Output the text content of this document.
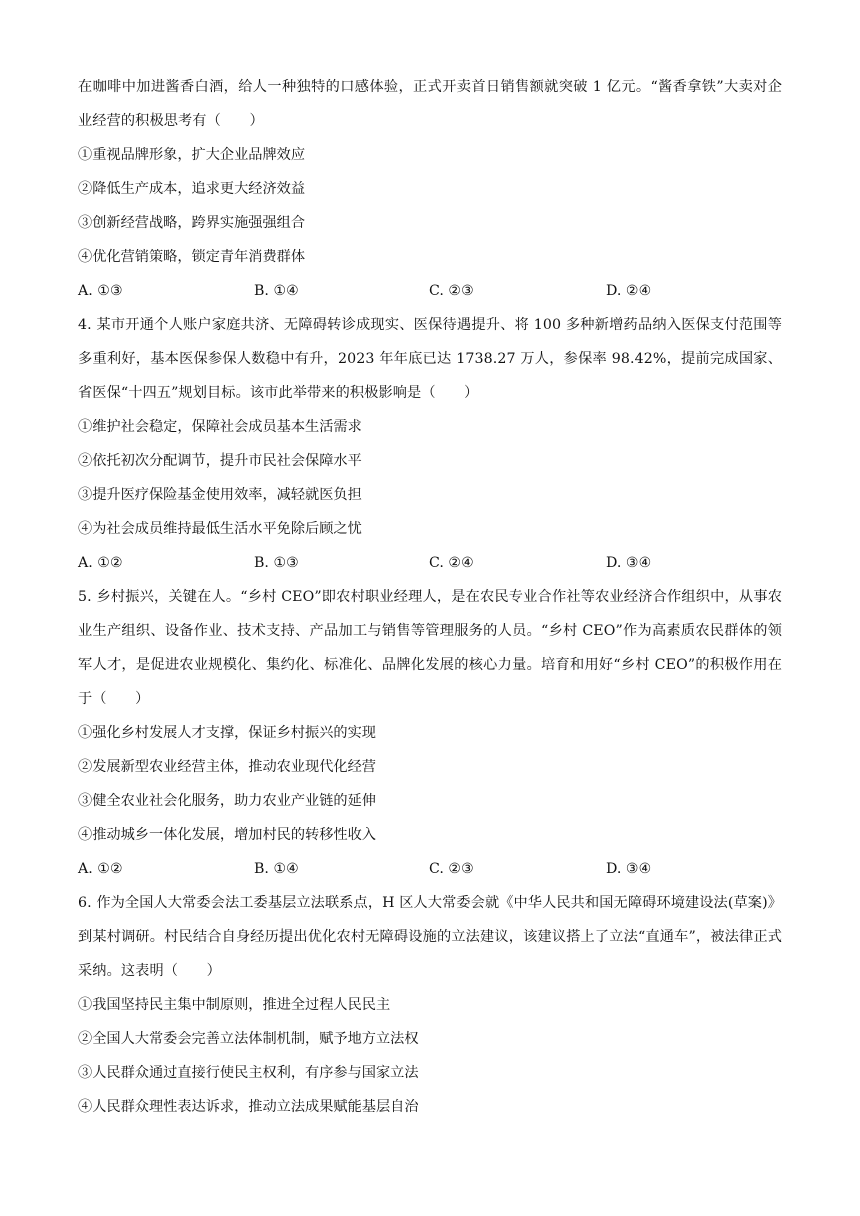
在咖啡中加进酱香白酒，给人一种独特的口感体验，正式开卖首日销售额就突破 1 亿元。“酱香拿铁”大卖对企业经营的积极思考有（　　）

①重视品牌形象，扩大企业品牌效应

②降低生产成本，追求更大经济效益

③创新经营战略，跨界实施强强组合

④优化营销策略，锁定青年消费群体

A. ①③	B. ①④	C. ②③	D. ②④

4. 某市开通个人账户家庭共济、无障碍转诊成现实、医保待遇提升、将 100 多种新增药品纳入医保支付范围等多重利好，基本医保参保人数稳中有升，2023 年年底已达 1738.27 万人，参保率 98.42%，提前完成国家、省医保“十四五”规划目标。该市此举带来的积极影响是（　　）

①维护社会稳定，保障社会成员基本生活需求

②依托初次分配调节，提升市民社会保障水平

③提升医疗保险基金使用效率，减轻就医负担

④为社会成员维持最低生活水平免除后顾之忧

A. ①②	B. ①③	C. ②④	D. ③④

5. 乡村振兴，关键在人。“乡村 CEO”即农村职业经理人，是在农民专业合作社等农业经济合作组织中，从事农业生产组织、设备作业、技术支持、产品加工与销售等管理服务的人员。“乡村 CEO”作为高素质农民群体的领军人才，是促进农业规模化、集约化、标准化、品牌化发展的核心力量。培育和用好“乡村 CEO”的积极作用在于（　　）

①强化乡村发展人才支撑，保证乡村振兴的实现

②发展新型农业经营主体，推动农业现代化经营

③健全农业社会化服务，助力农业产业链的延伸

④推动城乡一体化发展，增加村民的转移性收入

A. ①②	B. ①④	C. ②③	D. ③④

6. 作为全国人大常委会法工委基层立法联系点，H 区人大常委会就《中华人民共和国无障碍环境建设法(草案)》到某村调研。村民结合自身经历提出优化农村无障碍设施的立法建议，该建议搭上了立法“直通车”，被法律正式采纳。这表明（　　）

①我国坚持民主集中制原则，推进全过程人民民主

②全国人大常委会完善立法体制机制，赋予地方立法权

③人民群众通过直接行使民主权利，有序参与国家立法

④人民群众理性表达诉求，推动立法成果赋能基层自治
